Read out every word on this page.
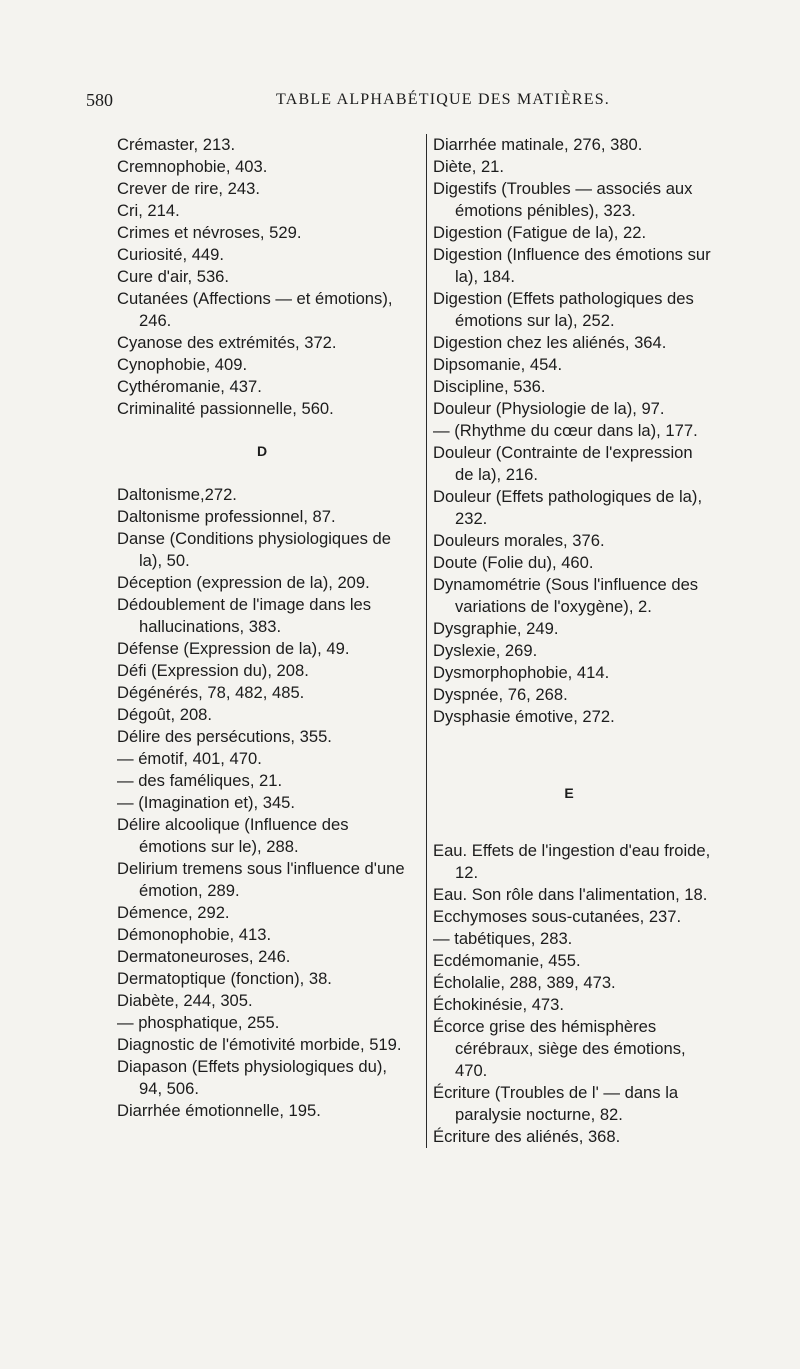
580	TABLE ALPHABÉTIQUE DES MATIÈRES.

Crémaster, 213.

Cremnophobie, 403.

Crever de rire, 243.

Cri, 214.

Crimes et névroses, 529.

Curiosité, 449.

Cure d'air, 536.

Cutanées (Affections — et émotions), 246.

Cyanose des extrémités, 372.

Cynophobie, 409.

Cythéromanie, 437.

Criminalité passionnelle, 560.

D

Daltonisme,272.

Daltonisme professionnel, 87.

Danse (Conditions physiologiques de la), 50.

Déception (expression de la), 209.

Dédoublement de l'image dans les hallucinations, 383.

Défense (Expression de la), 49.

Défi (Expression du), 208.

Dégénérés, 78, 482, 485.

Dégoût, 208.

Délire des persécutions, 355.

— émotif, 401, 470.

— des faméliques, 21.

— (Imagination et), 345.

Délire alcoolique (Influence des émotions sur le), 288.

Delirium tremens sous l'influence d'une émotion, 289.

Démence, 292.

Démonophobie, 413.

Dermatoneuroses, 246.

Dermatoptique (fonction), 38.

Diabète, 244, 305.

— phosphatique, 255.

Diagnostic de l'émotivité morbide, 519.

Diapason (Effets physiologiques du), 94, 506.

Diarrhée émotionnelle, 195.

Diarrhée matinale, 276, 380.

Diète, 21.

Digestifs (Troubles — associés aux émotions pénibles), 323.

Digestion (Fatigue de la), 22.

Digestion (Influence des émotions sur la), 184.

Digestion (Effets pathologiques des émotions sur la), 252.

Digestion chez les aliénés, 364.

Dipsomanie, 454.

Discipline, 536.

Douleur (Physiologie de la), 97.

— (Rhythme du cœur dans la), 177.

Douleur (Contrainte de l'expression de la), 216.

Douleur (Effets pathologiques de la), 232.

Douleurs morales, 376.

Doute (Folie du), 460.

Dynamométrie (Sous l'influence des variations de l'oxygène), 2.

Dysgraphie, 249.

Dyslexie, 269.

Dysmorphophobie, 414.

Dyspnée, 76, 268.

Dysphasie émotive, 272.

E

Eau. Effets de l'ingestion d'eau froide, 12.

Eau. Son rôle dans l'alimentation, 18.

Ecchymoses sous-cutanées, 237.

— tabétiques, 283.

Ecdémomanie, 455.

Écholalie, 288, 389, 473.

Échokinésie, 473.

Écorce grise des hémisphères cérébraux, siège des émotions, 470.

Écriture (Troubles de l' — dans la paralysie nocturne, 82.

Écriture des aliénés, 368.
